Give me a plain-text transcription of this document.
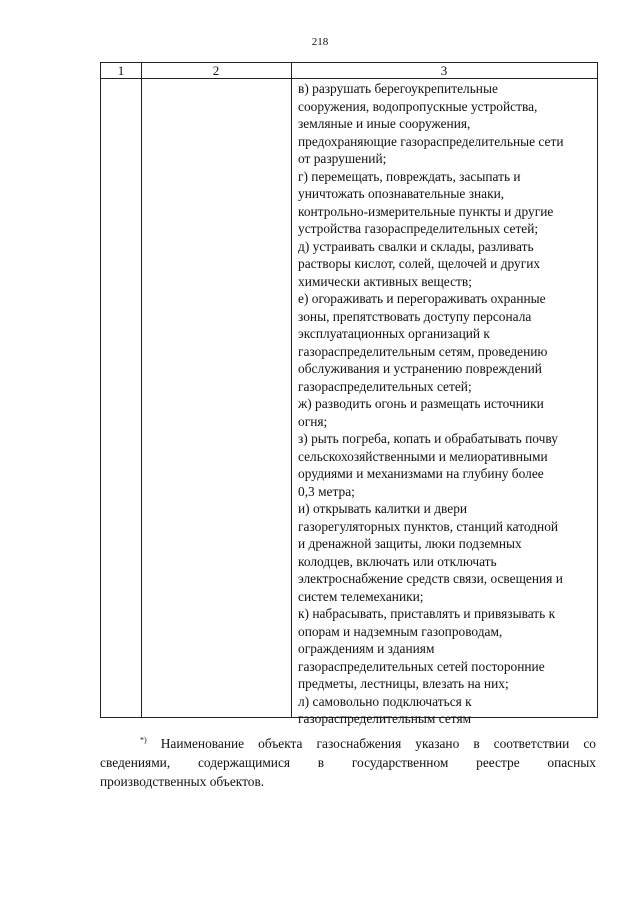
218
1	2	3
в) разрушать берегоукрепительные
сооружения, водопропускные устройства,
земляные и иные сооружения,
предохраняющие газораспределительные сети
от разрушений;
г) перемещать, повреждать, засыпать и
уничтожать опознавательные знаки,
контрольно-измерительные пункты и другие
устройства газораспределительных сетей;
д) устраивать свалки и склады, разливать
растворы кислот, солей, щелочей и других
химически активных веществ;
е) огораживать и перегораживать охранные
зоны, препятствовать доступу персонала
эксплуатационных организаций к
газораспределительным сетям, проведению
обслуживания и устранению повреждений
газораспределительных сетей;
ж) разводить огонь и размещать источники
огня;
з) рыть погреба, копать и обрабатывать почву
сельскохозяйственными и мелиоративными
орудиями и механизмами на глубину более
0,3 метра;
и) открывать калитки и двери
газорегуляторных пунктов, станций катодной
и дренажной защиты, люки подземных
колодцев, включать или отключать
электроснабжение средств связи, освещения и
систем телемеханики;
к) набрасывать, приставлять и привязывать к
опорам и надземным газопроводам,
ограждениям и зданиям
газораспределительных сетей посторонние
предметы, лестницы, влезать на них;
л) самовольно подключаться к
газораспределительным сетям
*) Наименование объекта газоснабжения указано в соответствии со
сведениями, содержащимися в государственном реестре опасных
производственных объектов.
